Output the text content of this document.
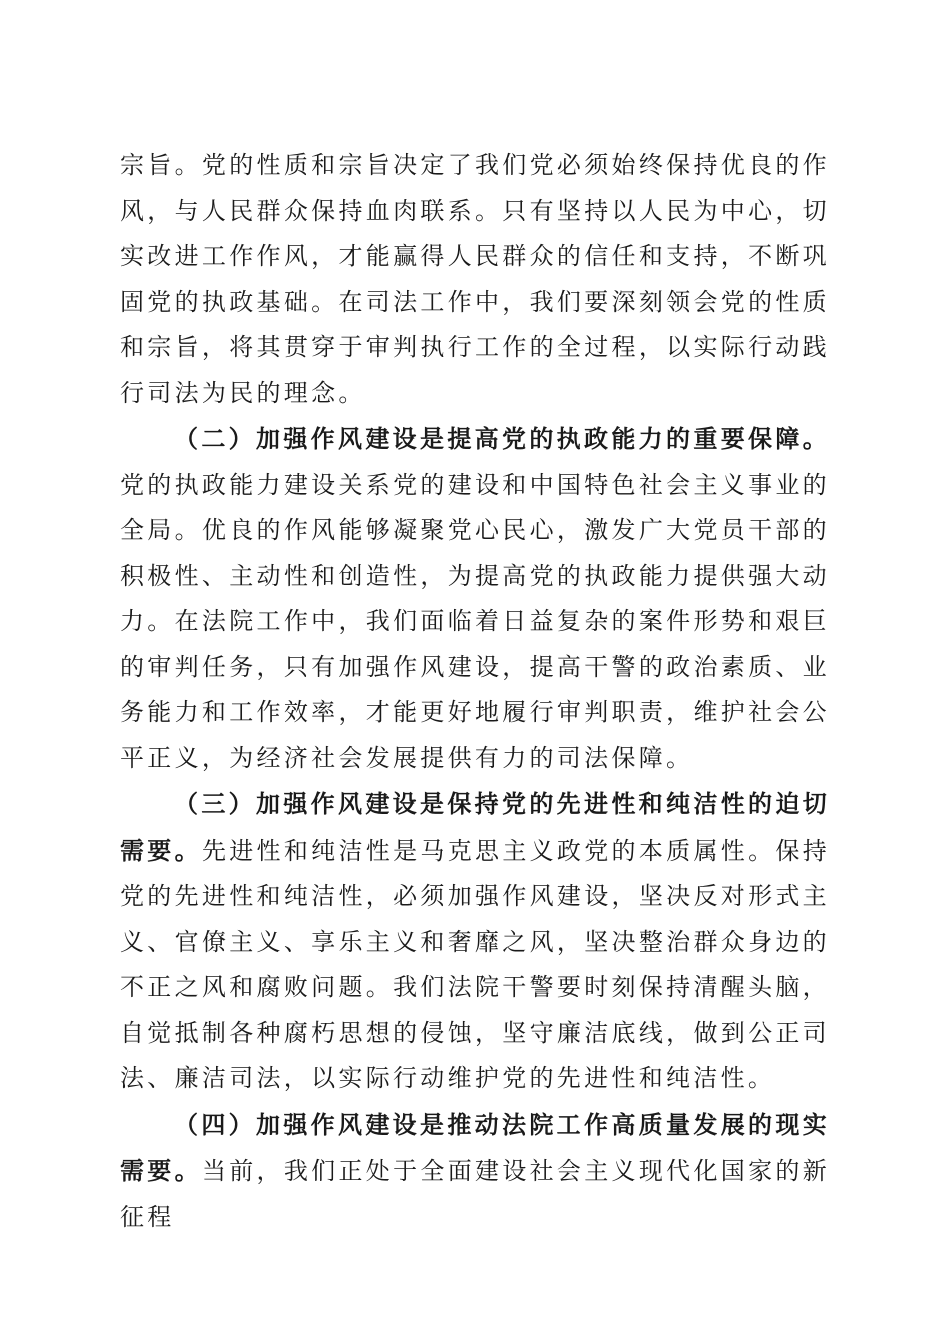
宗旨。党的性质和宗旨决定了我们党必须始终保持优良的作风，与人民群众保持血肉联系。只有坚持以人民为中心，切实改进工作作风，才能赢得人民群众的信任和支持，不断巩固党的执政基础。在司法工作中，我们要深刻领会党的性质和宗旨，将其贯穿于审判执行工作的全过程，以实际行动践行司法为民的理念。

（二）加强作风建设是提高党的执政能力的重要保障。党的执政能力建设关系党的建设和中国特色社会主义事业的全局。优良的作风能够凝聚党心民心，激发广大党员干部的积极性、主动性和创造性，为提高党的执政能力提供强大动力。在法院工作中，我们面临着日益复杂的案件形势和艰巨的审判任务，只有加强作风建设，提高干警的政治素质、业务能力和工作效率，才能更好地履行审判职责，维护社会公平正义，为经济社会发展提供有力的司法保障。

（三）加强作风建设是保持党的先进性和纯洁性的迫切需要。先进性和纯洁性是马克思主义政党的本质属性。保持党的先进性和纯洁性，必须加强作风建设，坚决反对形式主义、官僚主义、享乐主义和奢靡之风，坚决整治群众身边的不正之风和腐败问题。我们法院干警要时刻保持清醒头脑，自觉抵制各种腐朽思想的侵蚀，坚守廉洁底线，做到公正司法、廉洁司法，以实际行动维护党的先进性和纯洁性。

（四）加强作风建设是推动法院工作高质量发展的现实需要。当前，我们正处于全面建设社会主义现代化国家的新征程
